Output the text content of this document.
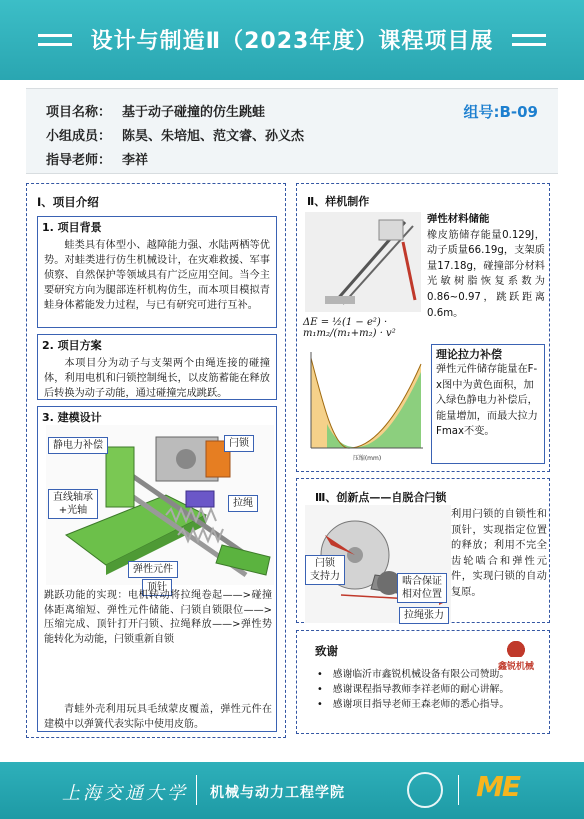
设计与制造Ⅱ（2023年度）课程项目展
项目名称： 基于动子碰撞的仿生跳蛙
小组成员： 陈昊、朱培旭、范文睿、孙义杰
指导老师： 李祥
组号:B-09
Ⅰ、项目介绍
1. 项目背景

蛙类具有体型小、越障能力强、水陆两栖等优势。对蛙类进行仿生机械设计，在灾难救援、军事侦察、自然保护等领域具有广泛应用空间。当今主要研究方向为腿部连杆机构仿生，而本项目模拟青蛙身体蓄能发力过程，与已有研究可进行互补。

2. 项目方案

本项目分为动子与支架两个由绳连接的碰撞体，利用电机和闩锁控制绳长，以皮筋蓄能在释放后转换为动子动能，通过碰撞完成跳跃。

3. 建模设计
静电力补偿	闩锁
直线轴承
+光轴
拉绳
弹性元件
顶针
跳跃功能的实现：电机转动将拉绳卷起——>碰撞体距离缩短、弹性元件储能、闩锁自锁限位——>压缩完成、顶针打开闩锁、拉绳释放——>弹性势能转化为动能，闩锁重新自锁
青蛙外壳利用玩具毛绒蒙皮覆盖，弹性元件在建模中以弹簧代表实际中使用皮筋。
Ⅱ、样机制作
ΔE = ½(1 − e²) · m₁m₂/(m₁+m₂) · v²
弹性材料储能
橡皮筋储存能量0.129J，动子质量66.19g，支架质量17.18g，碰撞部分材料光敏树脂恢复系数为0.86~0.97，跳跃距离0.6m。
压缩(mm)
理论拉力补偿
弹性元件储存能量在F-x图中为黄色面积，加入绿色静电力补偿后，能量增加，而最大拉力Fmax不变。
Ⅲ、创新点——自脱合闩锁
闩锁
支持力	啮合保证
相对位置
拉绳张力
利用闩锁的自锁性和顶针，实现指定位置的释放；利用不完全齿轮啮合和弹性元件，实现闩锁的自动复原。
致谢
鑫锐机械
• 感谢临沂市鑫锐机械设备有限公司赞助。
• 感谢课程指导教师李祥老师的耐心讲解。
• 感谢项目指导老师王森老师的悉心指导。
上海交通大学 机械与动力工程学院	ME
